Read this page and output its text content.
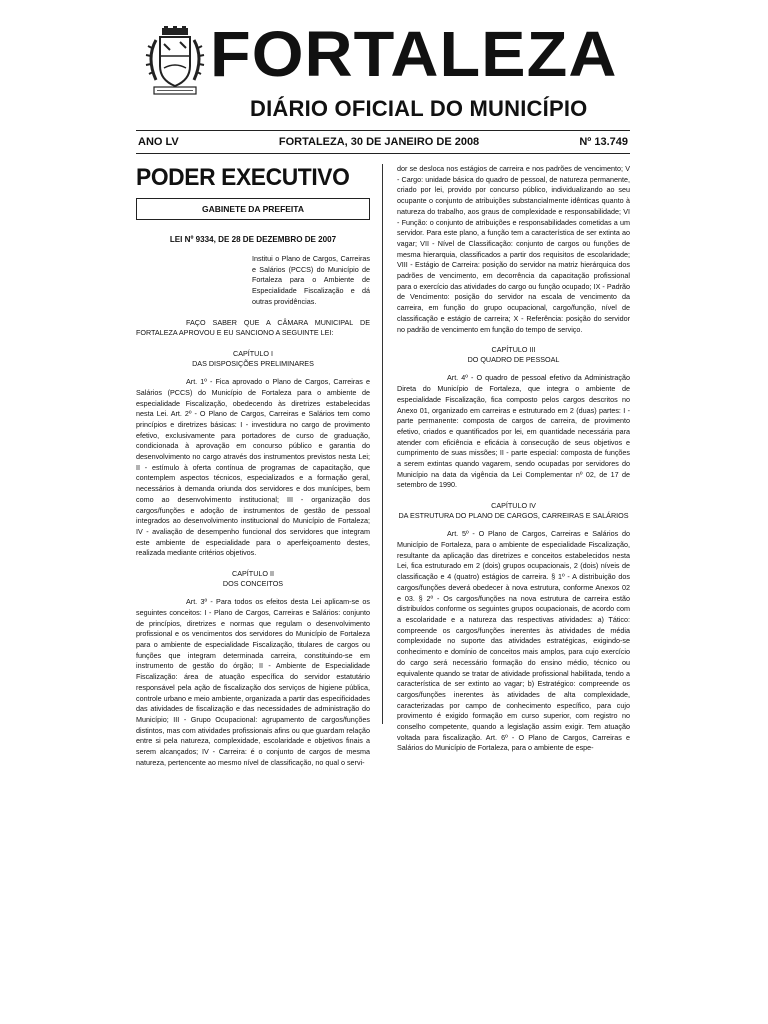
FORTALEZA
DIÁRIO OFICIAL DO MUNICÍPIO
ANO LV	FORTALEZA, 30 DE JANEIRO DE 2008	Nº 13.749
PODER EXECUTIVO
GABINETE DA PREFEITA
LEI Nº 9334, DE 28 DE DEZEMBRO DE 2007

Institui o Plano de Cargos, Carreiras e Salários (PCCS) do Município de Fortaleza para o Ambiente de Especialidade Fiscalização e dá outras providências.

FAÇO SABER QUE A CÂMARA MUNICIPAL DE FORTALEZA APROVOU E EU SANCIONO A SEGUINTE LEI:

CAPÍTULO I
DAS DISPOSIÇÕES PRELIMINARES

Art. 1º - Fica aprovado o Plano de Cargos, Carreiras e Salários (PCCS) do Município de Fortaleza para o ambiente de especialidade Fiscalização, obedecendo às diretrizes estabelecidas nesta Lei. Art. 2º - O Plano de Cargos, Carreiras e Salários tem como princípios e diretrizes básicas: I - investidura no cargo de provimento efetivo, exclusivamente para portadores de curso de graduação, condicionada à aprovação em concurso público e garantia do desenvolvimento no cargo através dos instrumentos previstos nesta Lei; II - estímulo à oferta contínua de programas de capacitação, que contemplem aspectos técnicos, especializados e a formação geral, necessários à demanda oriunda dos servidores e dos munícipes, bem como ao desenvolvimento institucional; III - organização dos cargos/funções e adoção de instrumentos de gestão de pessoal integrados ao desenvolvimento institucional do Município de Fortaleza; IV - avaliação de desempenho funcional dos servidores que integram este ambiente de especialidade para o aperfeiçoamento destes, realizada mediante critérios objetivos.

CAPÍTULO II
DOS CONCEITOS

Art. 3º - Para todos os efeitos desta Lei aplicam-se os seguintes conceitos: I - Plano de Cargos, Carreiras e Salários: conjunto de princípios, diretrizes e normas que regulam o desenvolvimento profissional e os vencimentos dos servidores do Município de Fortaleza para o ambiente de especialidade Fiscalização, titulares de cargos ou funções que integram determinada carreira, constituindo-se em instrumento de gestão do órgão; II - Ambiente de Especialidade Fiscalização: área de atuação específica do servidor estatutário responsável pela ação de fiscalização dos serviços de higiene pública, controle urbano e meio ambiente, organizada a partir das especificidades das atividades de fiscalização e das necessidades de administração do Município; III - Grupo Ocupacional: agrupamento de cargos/funções distintos, mas com atividades profissionais afins ou que guardam relação entre si pela natureza, complexidade, escolaridade e objetivos finais a serem alcançados; IV - Carreira: é o conjunto de cargos de mesma natureza, pertencente ao mesmo nível de classificação, no qual o servi-

dor se desloca nos estágios de carreira e nos padrões de vencimento; V - Cargo: unidade básica do quadro de pessoal, de natureza permanente, criado por lei, provido por concurso público, individualizando ao seu ocupante o conjunto de atribuições substancialmente idênticas quanto à natureza do trabalho, aos graus de complexidade e responsabilidade; VI - Função: o conjunto de atribuições e responsabilidades cometidas a um servidor. Para este plano, a função tem a característica de ser extinta ao vagar; VII - Nível de Classificação: conjunto de cargos ou funções de mesma hierarquia, classificados a partir dos requisitos de escolaridade; VIII - Estágio de Carreira: posição do servidor na matriz hierárquica dos padrões de vencimento, em decorrência da capacitação profissional para o exercício das atividades do cargo ou função ocupado; IX - Padrão de Vencimento: posição do servidor na escala de vencimento da carreira, em função do grupo ocupacional, cargo/função, nível de classificação e estágio de carreira; X - Referência: posição do servidor no padrão de vencimento em função do tempo de serviço.

CAPÍTULO III
DO QUADRO DE PESSOAL

Art. 4º - O quadro de pessoal efetivo da Administração Direta do Município de Fortaleza, que integra o ambiente de especialidade Fiscalização, fica composto pelos cargos descritos no Anexo 01, organizado em carreiras e estruturado em 2 (duas) partes: I - parte permanente: composta de cargos de carreira, de provimento efetivo, criados e quantificados por lei, em quantidade necessária para atender com eficiência e eficácia à consecução de seus objetivos e cumprimento de suas missões; II - parte especial: composta de funções a serem extintas quando vagarem, sendo ocupadas por servidores do Município na data da vigência da Lei Complementar nº 02, de 17 de setembro de 1990.

CAPÍTULO IV
DA ESTRUTURA DO PLANO DE CARGOS, CARREIRAS E SALÁRIOS

Art. 5º - O Plano de Cargos, Carreiras e Salários do Município de Fortaleza, para o ambiente de especialidade Fiscalização, resultante da aplicação das diretrizes e conceitos estabelecidos nesta Lei, fica estruturado em 2 (dois) grupos ocupacionais, 2 (dois) níveis de classificação e 4 (quatro) estágios de carreira. § 1º - A distribuição dos cargos/funções deverá obedecer à nova estrutura, conforme Anexos 02 e 03. § 2º - Os cargos/funções na nova estrutura de carreira estão distribuídos conforme os seguintes grupos ocupacionais, de acordo com a escolaridade e a natureza das respectivas atividades: a) Tático: compreende os cargos/funções inerentes às atividades de média complexidade no suporte das atividades estratégicas, exigindo-se conhecimento e domínio de conceitos mais amplos, para cujo exercício do cargo será necessário formação do ensino médio, técnico ou equivalente quando se tratar de atividade profissional habilitada, tendo a característica de ser extinto ao vagar; b) Estratégico: compreende os cargos/funções inerentes às atividades de alta complexidade, caracterizadas por campo de conhecimento específico, para cujo provimento é exigido formação em curso superior, com registro no conselho competente, quando a legislação assim exigir. Tem atuação voltada para fiscalização. Art. 6º - O Plano de Cargos, Carreiras e Salários do Município de Fortaleza, para o ambiente de espe-
